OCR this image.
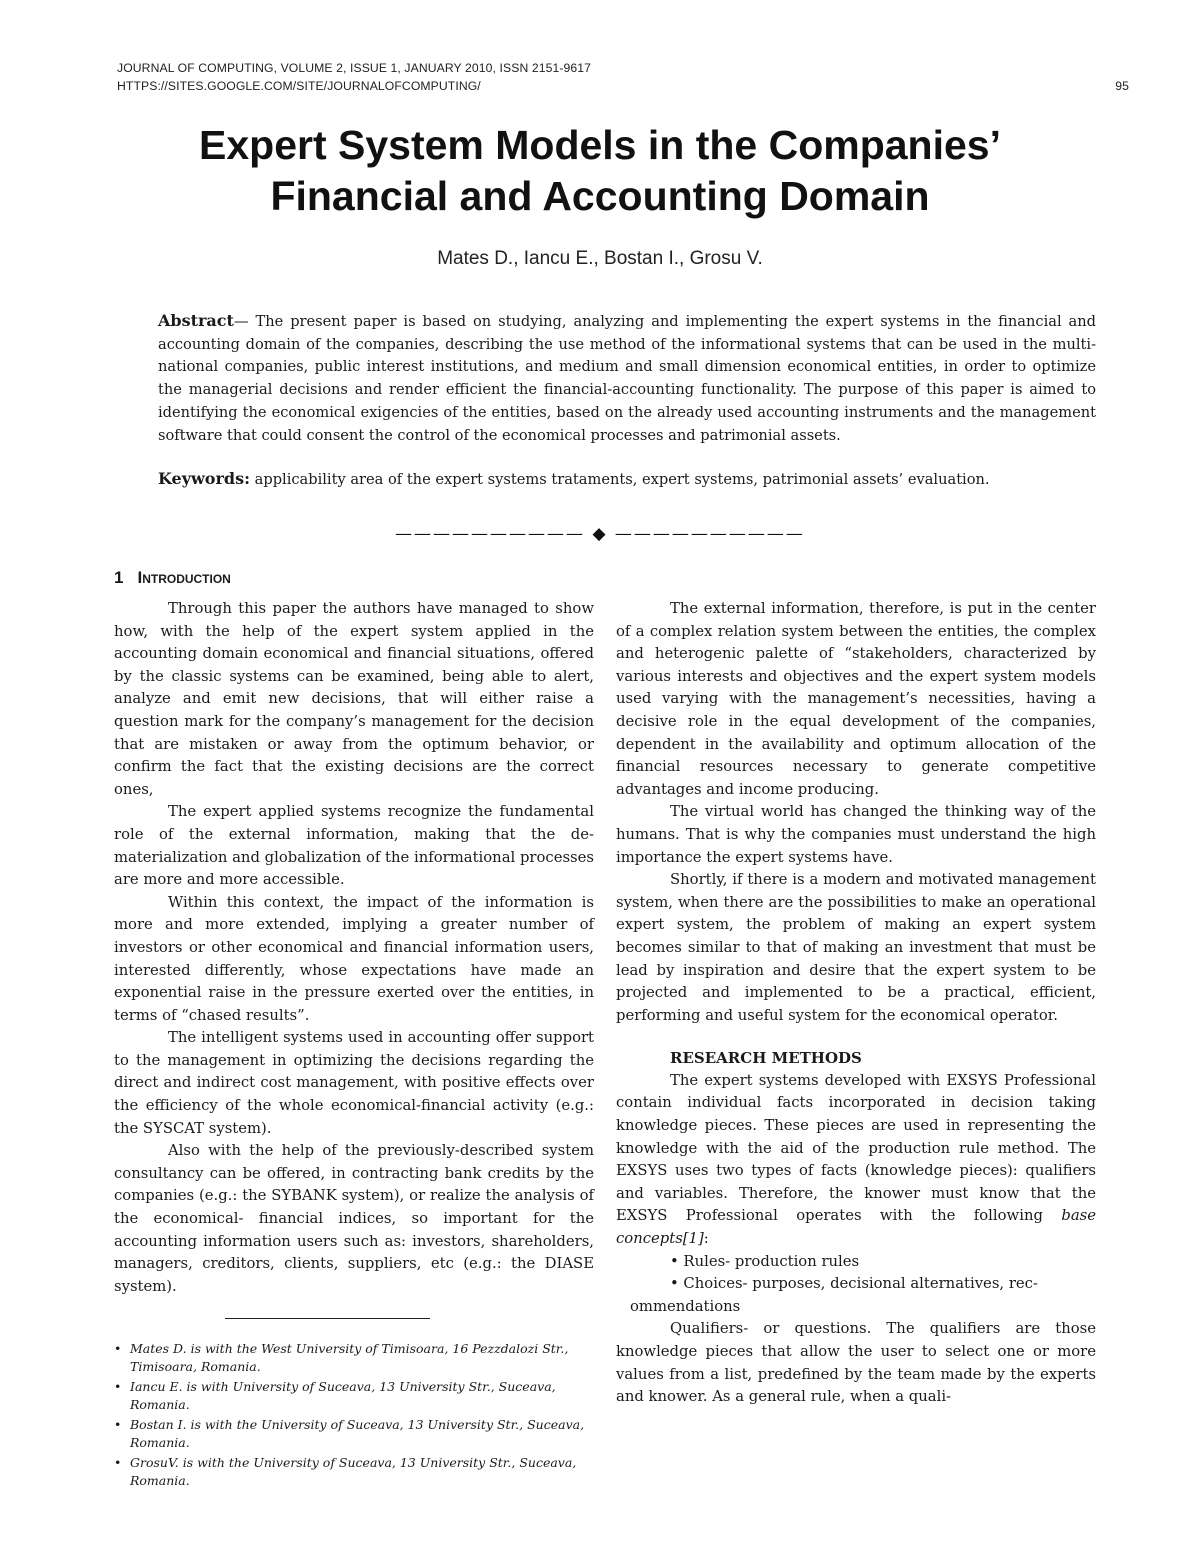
JOURNAL OF COMPUTING, VOLUME 2, ISSUE 1, JANUARY 2010, ISSN 2151-9617
HTTPS://SITES.GOOGLE.COM/SITE/JOURNALOFCOMPUTING/	95
Expert System Models in the Companies’
Financial and Accounting Domain
Mates D., Iancu E., Bostan I., Grosu V.

Abstract— The present paper is based on studying, analyzing and implementing the expert systems in the financial and accounting domain of the companies, describing the use method of the informational systems that can be used in the multi-national companies, public interest institutions, and medium and small dimension economical entities, in order to optimize the managerial decisions and render efficient the financial-accounting functionality. The purpose of this paper is aimed to identifying the economical exigencies of the entities, based on the already used accounting instruments and the management software that could consent the control of the economical processes and patrimonial assets.

Keywords: applicability area of the expert systems trataments, expert systems, patrimonial assets’ evaluation.

—————————— ◆ ——————————
1 Introduction

Through this paper the authors have managed to show how, with the help of the expert system applied in the accounting domain economical and financial situations, offered by the classic systems can be examined, being able to alert, analyze and emit new decisions, that will either raise a question mark for the company’s management for the decision that are mistaken or away from the optimum behavior, or confirm the fact that the existing decisions are the correct ones,

The expert applied systems recognize the fundamental role of the external information, making that the de-materialization and globalization of the informational processes are more and more accessible.

Within this context, the impact of the information is more and more extended, implying a greater number of investors or other economical and financial information users, interested differently, whose expectations have made an exponential raise in the pressure exerted over the entities, in terms of “chased results”.

The intelligent systems used in accounting offer support to the management in optimizing the decisions regarding the direct and indirect cost management, with positive effects over the efficiency of the whole economical-financial activity (e.g.: the SYSCAT system).

Also with the help of the previously-described system consultancy can be offered, in contracting bank credits by the companies (e.g.: the SYBANK system), or realize the analysis of the economical- financial indices, so important for the accounting information users such as: investors, shareholders, managers, creditors, clients, suppliers, etc (e.g.: the DIASE system).

• Mates D. is with the West University of Timisoara, 16 Pezzdalozi Str., Timisoara, Romania.
• Iancu E. is with University of Suceava, 13 University Str., Suceava, Romania.
• Bostan I. is with the University of Suceava, 13 University Str., Suceava, Romania.
• GrosuV. is with the University of Suceava, 13 University Str., Suceava, Romania.

The external information, therefore, is put in the center of a complex relation system between the entities, the complex and heterogenic palette of “stakeholders, characterized by various interests and objectives and the expert system models used varying with the management’s necessities, having a decisive role in the equal development of the companies, dependent in the availability and optimum allocation of the financial resources necessary to generate competitive advantages and income producing.

The virtual world has changed the thinking way of the humans. That is why the companies must understand the high importance the expert systems have.

Shortly, if there is a modern and motivated management system, when there are the possibilities to make an operational expert system, the problem of making an expert system becomes similar to that of making an investment that must be lead by inspiration and desire that the expert system to be projected and implemented to be a practical, efficient, performing and useful system for the economical operator.

RESEARCH METHODS

The expert systems developed with EXSYS Professional contain individual facts incorporated in decision taking knowledge pieces. These pieces are used in representing the knowledge with the aid of the production rule method. The EXSYS uses two types of facts (knowledge pieces): qualifiers and variables. Therefore, the knower must know that the EXSYS Professional operates with the following base concepts[1]:

• Rules- production rules

• Choices- purposes, decisional alternatives, rec-

ommendations

Qualifiers- or questions. The qualifiers are those knowledge pieces that allow the user to select one or more values from a list, predefined by the team made by the experts and knower. As a general rule, when a quali-
